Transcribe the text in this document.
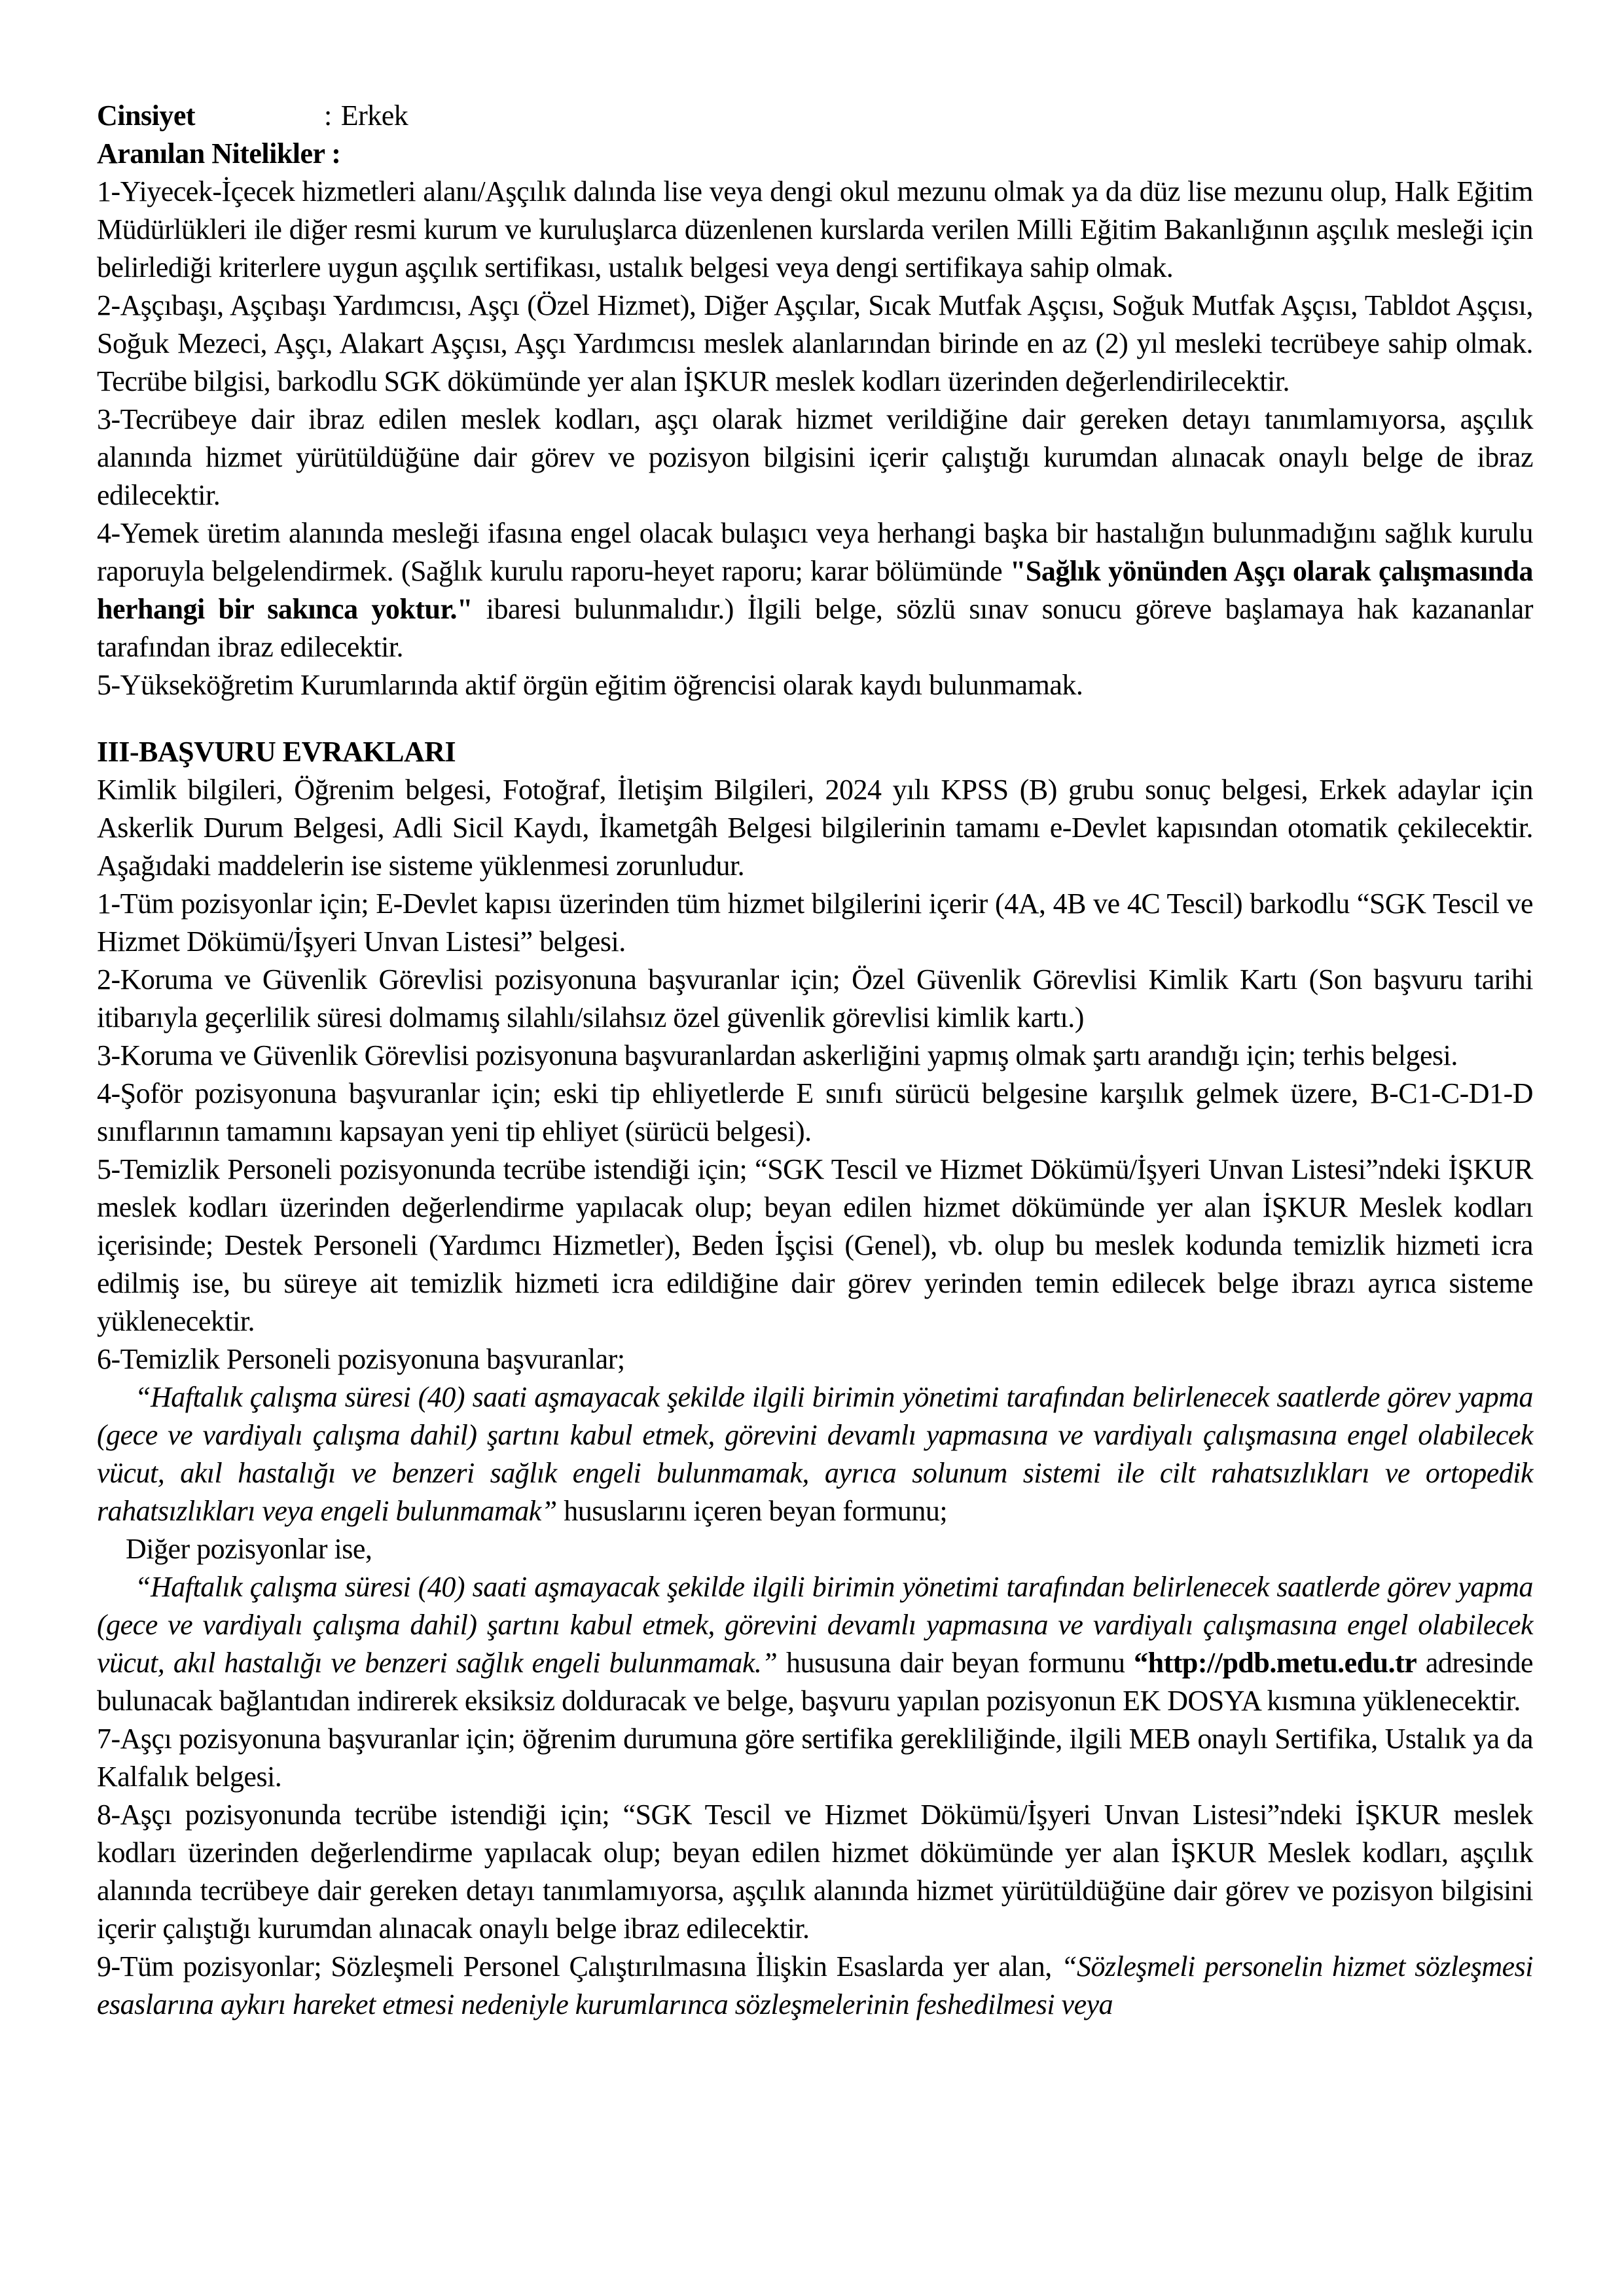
Cinsiyet	: Erkek

Aranılan Nitelikler :

1-Yiyecek-İçecek hizmetleri alanı/Aşçılık dalında lise veya dengi okul mezunu olmak ya da düz lise mezunu olup, Halk Eğitim Müdürlükleri ile diğer resmi kurum ve kuruluşlarca düzenlenen kurslarda verilen Milli Eğitim Bakanlığının aşçılık mesleği için belirlediği kriterlere uygun aşçılık sertifikası, ustalık belgesi veya dengi sertifikaya sahip olmak.

2-Aşçıbaşı, Aşçıbaşı Yardımcısı, Aşçı (Özel Hizmet), Diğer Aşçılar, Sıcak Mutfak Aşçısı, Soğuk Mutfak Aşçısı, Tabldot Aşçısı, Soğuk Mezeci, Aşçı, Alakart Aşçısı, Aşçı Yardımcısı meslek alanlarından birinde en az (2) yıl mesleki tecrübeye sahip olmak. Tecrübe bilgisi, barkodlu SGK dökümünde yer alan İŞKUR meslek kodları üzerinden değerlendirilecektir.

3-Tecrübeye dair ibraz edilen meslek kodları, aşçı olarak hizmet verildiğine dair gereken detayı tanımlamıyorsa, aşçılık alanında hizmet yürütüldüğüne dair görev ve pozisyon bilgisini içerir çalıştığı kurumdan alınacak onaylı belge de ibraz edilecektir.

4-Yemek üretim alanında mesleği ifasına engel olacak bulaşıcı veya herhangi başka bir hastalığın bulunmadığını sağlık kurulu raporuyla belgelendirmek. (Sağlık kurulu raporu-heyet raporu; karar bölümünde "Sağlık yönünden Aşçı olarak çalışmasında herhangi bir sakınca yoktur." ibaresi bulunmalıdır.) İlgili belge, sözlü sınav sonucu göreve başlamaya hak kazananlar tarafından ibraz edilecektir.

5-Yükseköğretim Kurumlarında aktif örgün eğitim öğrencisi olarak kaydı bulunmamak.

III-BAŞVURU EVRAKLARI

Kimlik bilgileri, Öğrenim belgesi, Fotoğraf, İletişim Bilgileri, 2024 yılı KPSS (B) grubu sonuç belgesi, Erkek adaylar için Askerlik Durum Belgesi, Adli Sicil Kaydı, İkametgâh Belgesi bilgilerinin tamamı e-Devlet kapısından otomatik çekilecektir. Aşağıdaki maddelerin ise sisteme yüklenmesi zorunludur.

1-Tüm pozisyonlar için; E-Devlet kapısı üzerinden tüm hizmet bilgilerini içerir (4A, 4B ve 4C Tescil) barkodlu “SGK Tescil ve Hizmet Dökümü/İşyeri Unvan Listesi” belgesi.

2-Koruma ve Güvenlik Görevlisi pozisyonuna başvuranlar için; Özel Güvenlik Görevlisi Kimlik Kartı (Son başvuru tarihi itibarıyla geçerlilik süresi dolmamış silahlı/silahsız özel güvenlik görevlisi kimlik kartı.)

3-Koruma ve Güvenlik Görevlisi pozisyonuna başvuranlardan askerliğini yapmış olmak şartı arandığı için; terhis belgesi.

4-Şoför pozisyonuna başvuranlar için; eski tip ehliyetlerde E sınıfı sürücü belgesine karşılık gelmek üzere, B-C1-C-D1-D sınıflarının tamamını kapsayan yeni tip ehliyet (sürücü belgesi).

5-Temizlik Personeli pozisyonunda tecrübe istendiği için; “SGK Tescil ve Hizmet Dökümü/İşyeri Unvan Listesi”ndeki İŞKUR meslek kodları üzerinden değerlendirme yapılacak olup; beyan edilen hizmet dökümünde yer alan İŞKUR Meslek kodları içerisinde; Destek Personeli (Yardımcı Hizmetler), Beden İşçisi (Genel), vb. olup bu meslek kodunda temizlik hizmeti icra edilmiş ise, bu süreye ait temizlik hizmeti icra edildiğine dair görev yerinden temin edilecek belge ibrazı ayrıca sisteme yüklenecektir.

6-Temizlik Personeli pozisyonuna başvuranlar;

“Haftalık çalışma süresi (40) saati aşmayacak şekilde ilgili birimin yönetimi tarafından belirlenecek saatlerde görev yapma (gece ve vardiyalı çalışma dahil) şartını kabul etmek, görevini devamlı yapmasına ve vardiyalı çalışmasına engel olabilecek vücut, akıl hastalığı ve benzeri sağlık engeli bulunmamak, ayrıca solunum sistemi ile cilt rahatsızlıkları ve ortopedik rahatsızlıkları veya engeli bulunmamak” hususlarını içeren beyan formunu;

Diğer pozisyonlar ise,

“Haftalık çalışma süresi (40) saati aşmayacak şekilde ilgili birimin yönetimi tarafından belirlenecek saatlerde görev yapma (gece ve vardiyalı çalışma dahil) şartını kabul etmek, görevini devamlı yapmasına ve vardiyalı çalışmasına engel olabilecek vücut, akıl hastalığı ve benzeri sağlık engeli bulunmamak.” hususuna dair beyan formunu “http://pdb.metu.edu.tr adresinde bulunacak bağlantıdan indirerek eksiksiz dolduracak ve belge, başvuru yapılan pozisyonun EK DOSYA kısmına yüklenecektir.

7-Aşçı pozisyonuna başvuranlar için; öğrenim durumuna göre sertifika gerekliliğinde, ilgili MEB onaylı Sertifika, Ustalık ya da Kalfalık belgesi.

8-Aşçı pozisyonunda tecrübe istendiği için; “SGK Tescil ve Hizmet Dökümü/İşyeri Unvan Listesi”ndeki İŞKUR meslek kodları üzerinden değerlendirme yapılacak olup; beyan edilen hizmet dökümünde yer alan İŞKUR Meslek kodları, aşçılık alanında tecrübeye dair gereken detayı tanımlamıyorsa, aşçılık alanında hizmet yürütüldüğüne dair görev ve pozisyon bilgisini içerir çalıştığı kurumdan alınacak onaylı belge ibraz edilecektir.

9-Tüm pozisyonlar; Sözleşmeli Personel Çalıştırılmasına İlişkin Esaslarda yer alan, “Sözleşmeli personelin hizmet sözleşmesi esaslarına aykırı hareket etmesi nedeniyle kurumlarınca sözleşmelerinin feshedilmesi veya
